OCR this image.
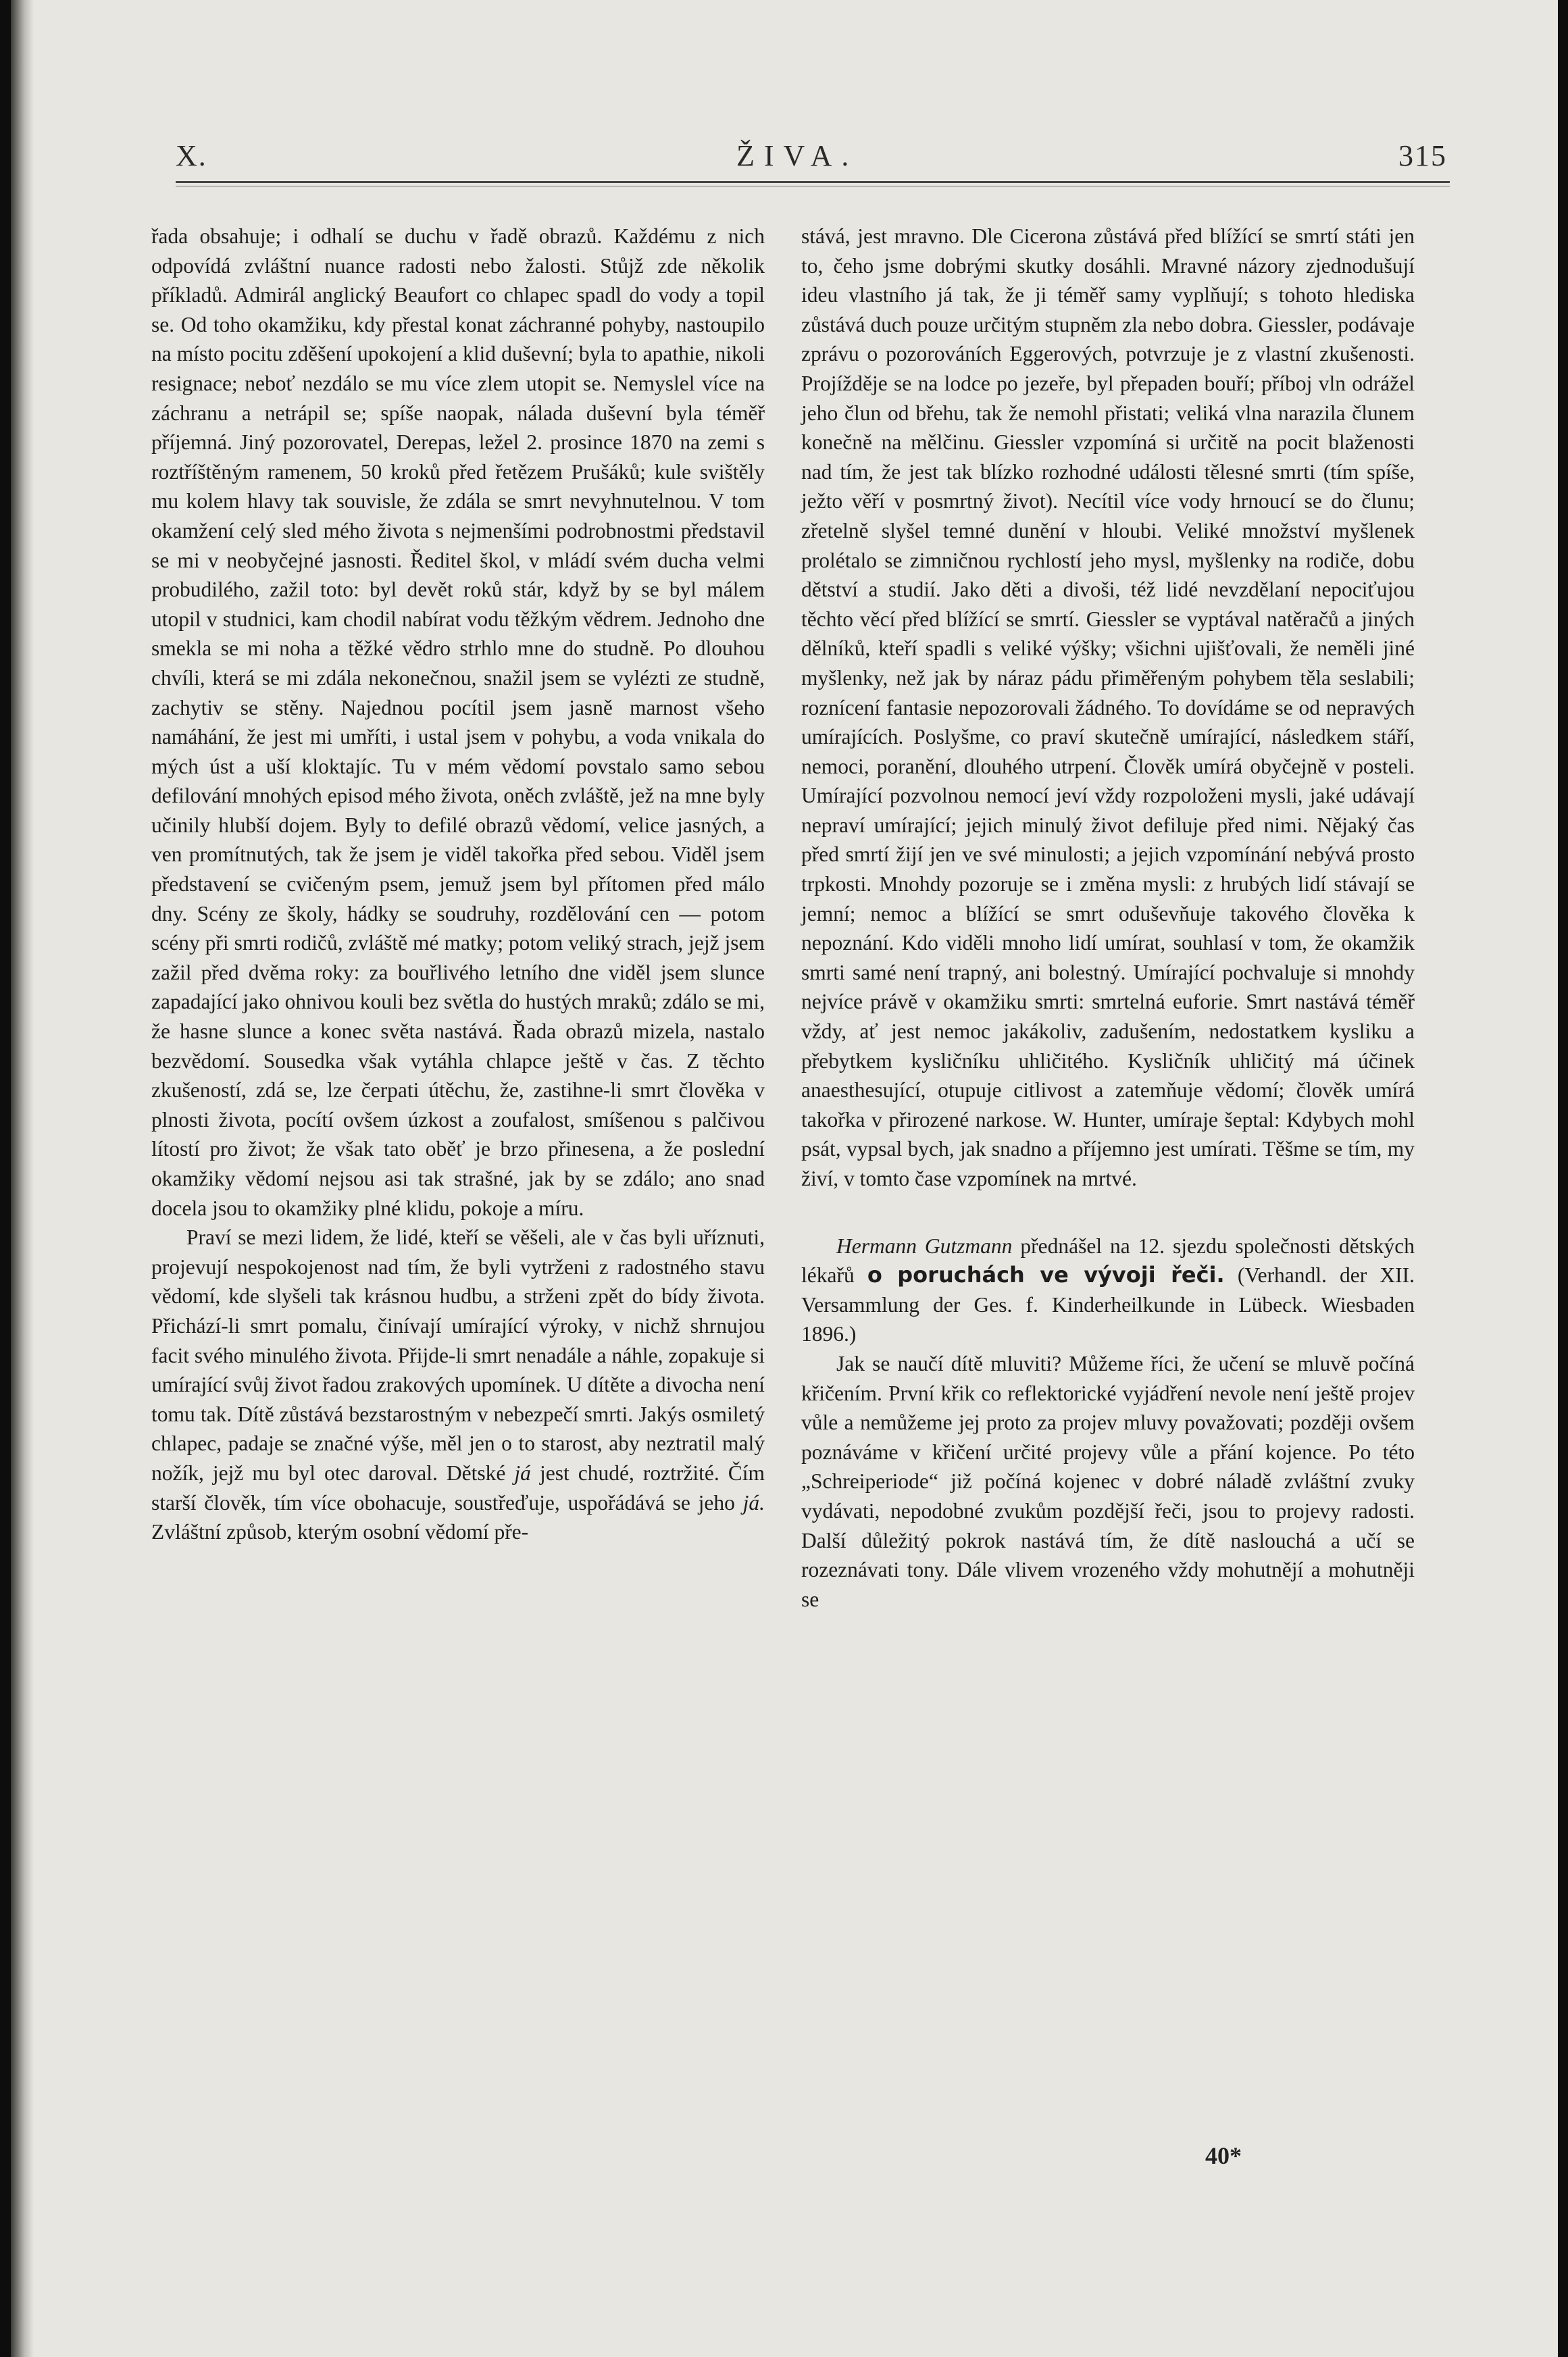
X.	ŽIVA.	315

řada obsahuje; i odhalí se duchu v řadě obrazů. Každému z nich odpovídá zvláštní nuance radosti nebo žalosti. Stůjž zde několik příkladů. Admirál anglický Beaufort co chlapec spadl do vody a topil se. Od toho okamžiku, kdy přestal konat záchranné pohyby, nastoupilo na místo pocitu zděšení upokojení a klid duševní; byla to apathie, nikoli resignace; neboť nezdálo se mu více zlem utopit se. Nemyslel více na záchranu a netrápil se; spíše naopak, nálada duševní byla téměř příjemná. Jiný pozorovatel, Derepas, ležel 2. prosince 1870 na zemi s roztříštěným ramenem, 50 kroků před řetězem Prušáků; kule svištěly mu kolem hlavy tak souvisle, že zdála se smrt nevyhnutelnou. V tom okamžení celý sled mého života s nejmenšími podrobnostmi představil se mi v neobyčejné jasnosti. Ředitel škol, v mládí svém ducha velmi probudilého, zažil toto: byl devět roků stár, když by se byl málem utopil v studnici, kam chodil nabírat vodu těžkým vědrem. Jednoho dne smekla se mi noha a těžké vědro strhlo mne do studně. Po dlouhou chvíli, která se mi zdála nekonečnou, snažil jsem se vylézti ze studně, zachytiv se stěny. Najednou pocítil jsem jasně marnost všeho namáhání, že jest mi umříti, i ustal jsem v pohybu, a voda vnikala do mých úst a uší kloktajíc. Tu v mém vědomí povstalo samo sebou defilování mnohých episod mého života, oněch zvláště, jež na mne byly učinily hlubší dojem. Byly to defilé obrazů vědomí, velice jasných, a ven promítnutých, tak že jsem je viděl takořka před sebou. Viděl jsem představení se cvičeným psem, jemuž jsem byl přítomen před málo dny. Scény ze školy, hádky se soudruhy, rozdělování cen — potom scény při smrti rodičů, zvláště mé matky; potom veliký strach, jejž jsem zažil před dvěma roky: za bouřlivého letního dne viděl jsem slunce zapadající jako ohnivou kouli bez světla do hustých mraků; zdálo se mi, že hasne slunce a konec světa nastává. Řada obrazů mizela, nastalo bezvědomí. Sousedka však vytáhla chlapce ještě v čas. Z těchto zkušeností, zdá se, lze čerpati útěchu, že, zastihne-li smrt člověka v plnosti života, pocítí ovšem úzkost a zoufalost, smíšenou s palčivou lítostí pro život; že však tato oběť je brzo přinesena, a že poslední okamžiky vědomí nejsou asi tak strašné, jak by se zdálo; ano snad docela jsou to okamžiky plné klidu, pokoje a míru.

Praví se mezi lidem, že lidé, kteří se věšeli, ale v čas byli uříznuti, projevují nespokojenost nad tím, že byli vytrženi z radostného stavu vědomí, kde slyšeli tak krásnou hudbu, a strženi zpět do bídy života. Přichází-li smrt pomalu, činívají umírající výroky, v nichž shrnujou facit svého minulého života. Přijde-li smrt nenadále a náhle, zopakuje si umírající svůj život řadou zrakových upomínek. U dítěte a divocha není tomu tak. Dítě zůstává bezstarostným v nebezpečí smrti. Jakýs osmiletý chlapec, padaje se značné výše, měl jen o to starost, aby neztratil malý nožík, jejž mu byl otec daroval. Dětské já jest chudé, roztržité. Čím starší člověk, tím více obohacuje, soustřeďuje, uspořádává se jeho já. Zvláštní způsob, kterým osobní vědomí pře-

stává, jest mravno. Dle Cicerona zůstává před blížící se smrtí státi jen to, čeho jsme dobrými skutky dosáhli. Mravné názory zjednodušují ideu vlastního já tak, že ji téměř samy vyplňují; s tohoto hlediska zůstává duch pouze určitým stupněm zla nebo dobra. Giessler, podávaje zprávu o pozorováních Eggerových, potvrzuje je z vlastní zkušenosti. Projížděje se na lodce po jezeře, byl přepaden bouří; příboj vln odrážel jeho člun od břehu, tak že nemohl přistati; veliká vlna narazila člunem konečně na mělčinu. Giessler vzpomíná si určitě na pocit blaženosti nad tím, že jest tak blízko rozhodné události tělesné smrti (tím spíše, ježto věří v posmrtný život). Necítil více vody hrnoucí se do člunu; zřetelně slyšel temné dunění v hloubi. Veliké množství myšlenek prolétalo se zimničnou rychlostí jeho mysl, myšlenky na rodiče, dobu dětství a studií. Jako děti a divoši, též lidé nevzdělaní nepociťujou těchto věcí před blížící se smrtí. Giessler se vyptával natěračů a jiných dělníků, kteří spadli s veliké výšky; všichni ujišťovali, že neměli jiné myšlenky, než jak by náraz pádu přiměřeným pohybem těla seslabili; roznícení fantasie nepozorovali žádného. To dovídáme se od nepravých umírajících. Poslyšme, co praví skutečně umírající, následkem stáří, nemoci, poranění, dlouhého utrpení. Člověk umírá obyčejně v posteli. Umírající pozvolnou nemocí jeví vždy rozpoloženi mysli, jaké udávají nepraví umírající; jejich minulý život defiluje před nimi. Nějaký čas před smrtí žijí jen ve své minulosti; a jejich vzpomínání nebývá prosto trpkosti. Mnohdy pozoruje se i změna mysli: z hrubých lidí stávají se jemní; nemoc a blížící se smrt oduševňuje takového člověka k nepoznání. Kdo viděli mnoho lidí umírat, souhlasí v tom, že okamžik smrti samé není trapný, ani bolestný. Umírající pochvaluje si mnohdy nejvíce právě v okamžiku smrti: smrtelná euforie. Smrt nastává téměř vždy, ať jest nemoc jakákoliv, zadušením, nedostatkem kysliku a přebytkem kysličníku uhličitého. Kysličník uhličitý má účinek anaesthesující, otupuje citlivost a zatemňuje vědomí; člověk umírá takořka v přirozené narkose. W. Hunter, umíraje šeptal: Kdybych mohl psát, vypsal bych, jak snadno a příjemno jest umírati. Těšme se tím, my živí, v tomto čase vzpomínek na mrtvé.

Hermann Gutzmann přednášel na 12. sjezdu společnosti dětských lékařů o poruchách ve vývoji řeči. (Verhandl. der XII. Versammlung der Ges. f. Kinderheilkunde in Lübeck. Wiesbaden 1896.)

Jak se naučí dítě mluviti? Můžeme říci, že učení se mluvě počíná křičením. První křik co reflektorické vyjádření nevole není ještě projev vůle a nemůžeme jej proto za projev mluvy považovati; později ovšem poznáváme v křičení určité projevy vůle a přání kojence. Po této „Schreiperiode“ již počíná kojenec v dobré náladě zvláštní zvuky vydávati, nepodobné zvukům pozdější řeči, jsou to projevy radosti. Další důležitý pokrok nastává tím, že dítě naslouchá a učí se rozeznávati tony. Dále vlivem vrozeného vždy mohutnějí a mohutněji se

40*
